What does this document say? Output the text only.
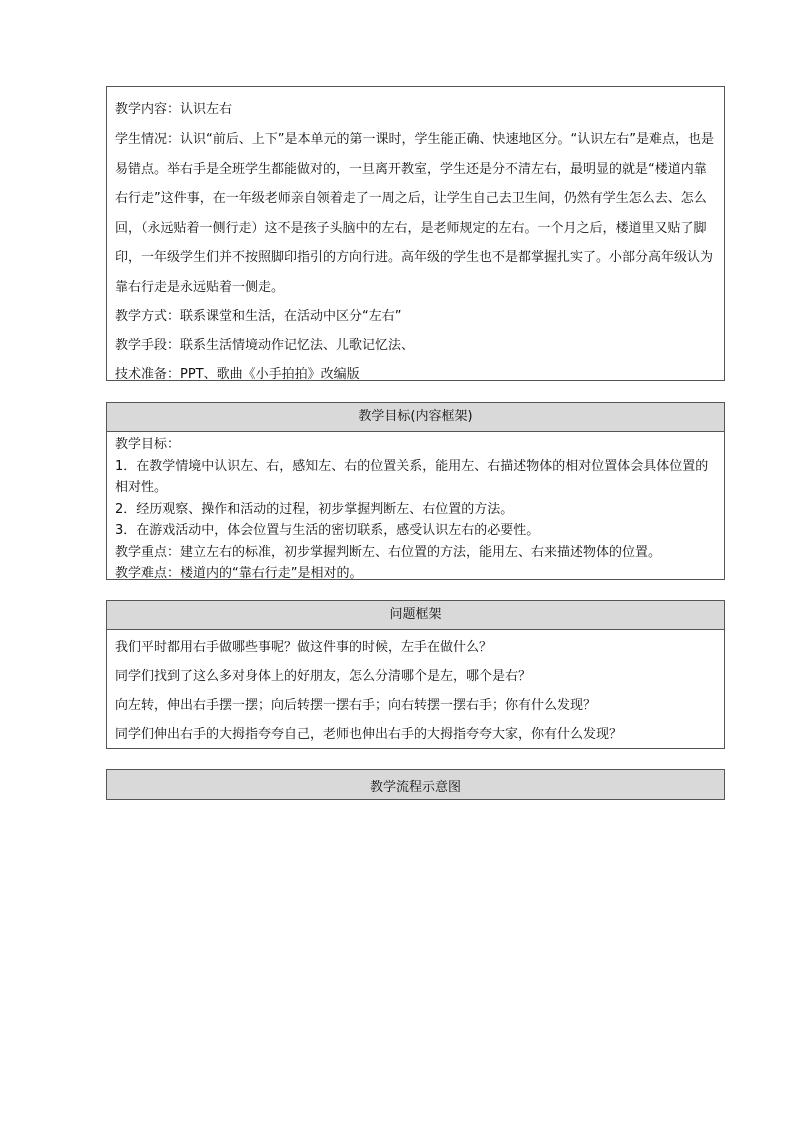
教学内容：认识左右

学生情况：认识“前后、上下”是本单元的第一课时，学生能正确、快速地区分。“认识左右”是难点，也是易错点。举右手是全班学生都能做对的，一旦离开教室，学生还是分不清左右，最明显的就是“楼道内靠右行走”这件事，在一年级老师亲自领着走了一周之后，让学生自己去卫生间，仍然有学生怎么去、怎么回，（永远贴着一侧行走）这不是孩子头脑中的左右，是老师规定的左右。一个月之后，楼道里又贴了脚印，一年级学生们并不按照脚印指引的方向行进。高年级的学生也不是都掌握扎实了。小部分高年级认为靠右行走是永远贴着一侧走。

教学方式：联系课堂和生活，在活动中区分“左右”

教学手段：联系生活情境动作记忆法、儿歌记忆法、

技术准备：PPT、歌曲《小手拍拍》改编版

教学目标(内容框架)
教学目标：
1．在教学情境中认识左、右，感知左、右的位置关系，能用左、右描述物体的相对位置体会具体位置的相对性。
2．经历观察、操作和活动的过程，初步掌握判断左、右位置的方法。
3．在游戏活动中，体会位置与生活的密切联系，感受认识左右的必要性。
教学重点：建立左右的标准，初步掌握判断左、右位置的方法，能用左、右来描述物体的位置。
教学难点：楼道内的“靠右行走”是相对的。
问题框架
我们平时都用右手做哪些事呢？做这件事的时候，左手在做什么？
同学们找到了这么多对身体上的好朋友，怎么分清哪个是左，哪个是右？
向左转，伸出右手摆一摆；向后转摆一摆右手；向右转摆一摆右手；你有什么发现？
同学们伸出右手的大拇指夸夸自己，老师也伸出右手的大拇指夸夸大家，你有什么发现？
教学流程示意图
